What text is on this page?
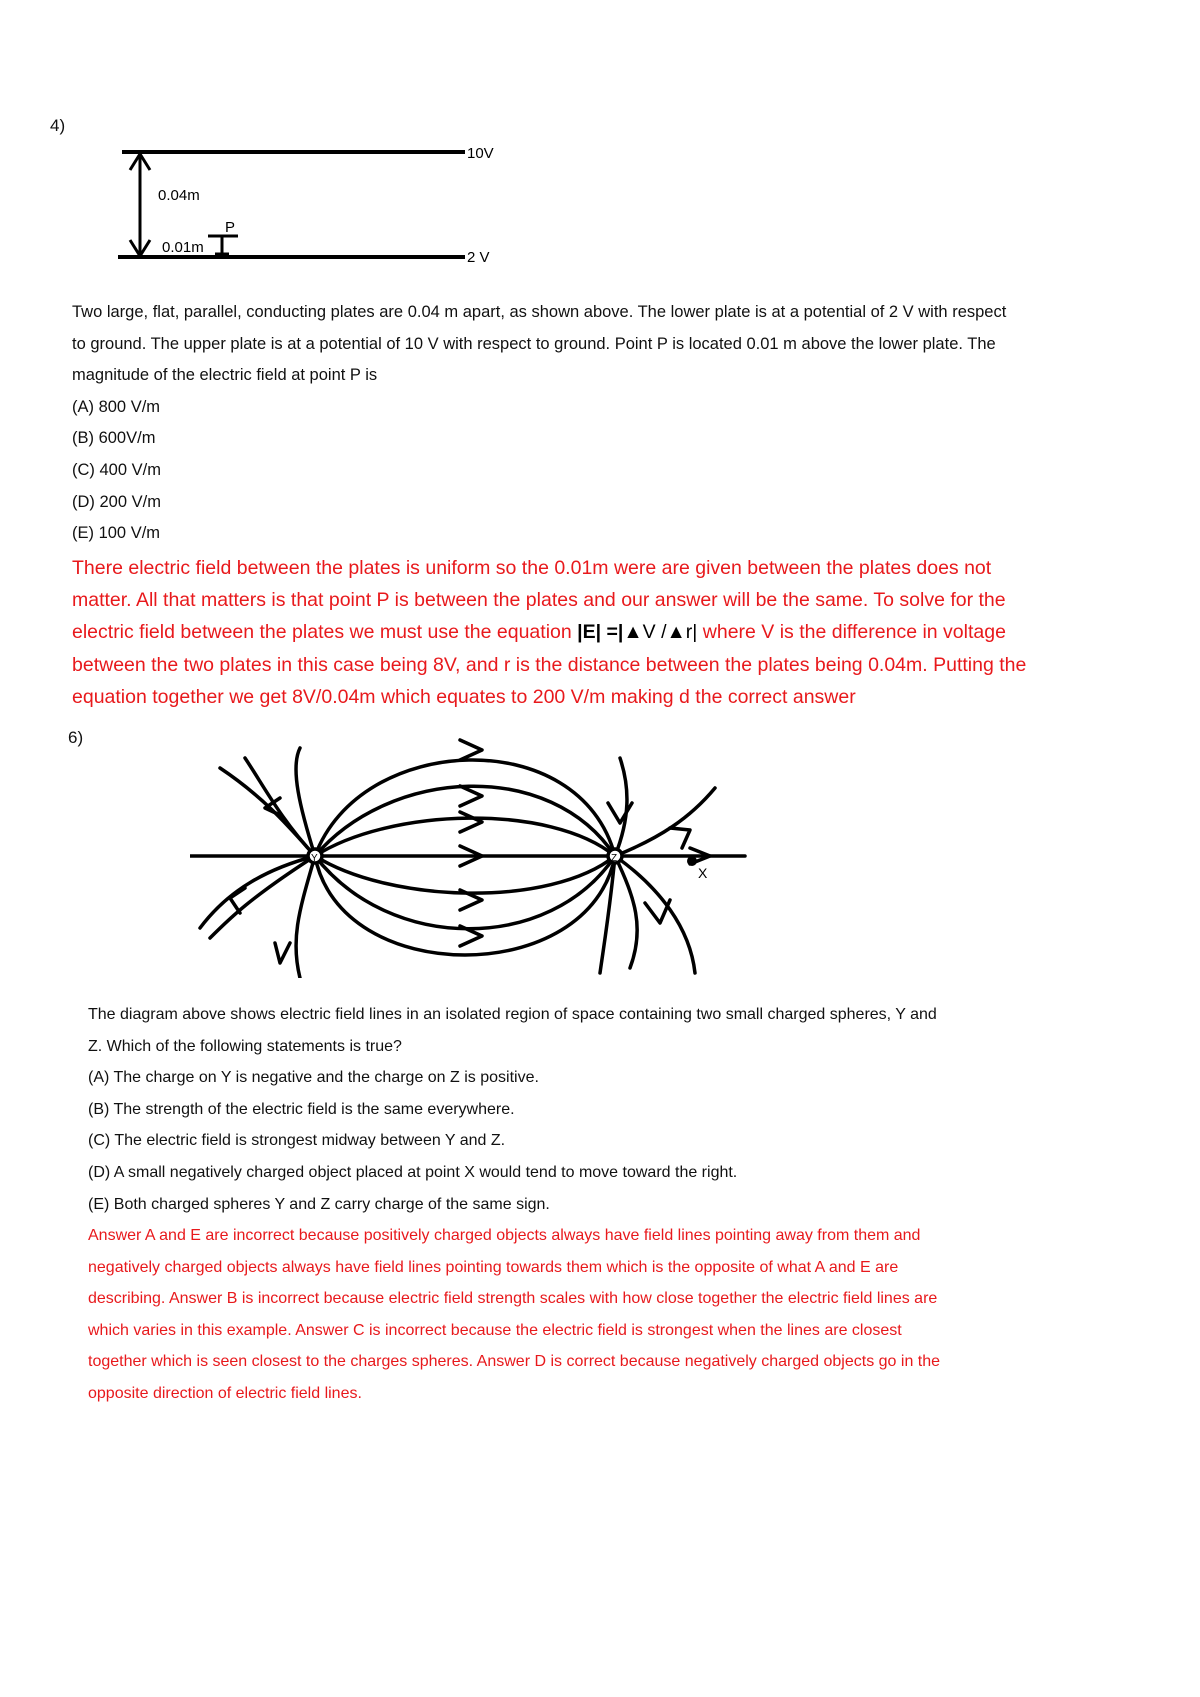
4)
0.04m
P
0.01m
10V
2 V

Two large, flat, parallel, conducting plates are 0.04 m apart, as shown above. The lower plate is at a potential of 2 V with respect

to ground. The upper plate is at a potential of 10 V with respect to ground. Point P is located 0.01 m above the lower plate. The

magnitude of the electric field at point P is

(A) 800 V/m

(B) 600V/m

(C) 400 V/m

(D) 200 V/m

(E) 100 V/m

There electric field between the plates is uniform so the 0.01m were are given between the plates does not

matter. All that matters is that point P is between the plates and our answer will be the same. To solve for the

electric field between the plates we must use the equation |E| =|▲V /▲r| where V is the difference in voltage

between the two plates in this case being 8V, and r is the distance between the plates being 0.04m. Putting the

equation together we get 8V/0.04m which equates to 200 V/m making d the correct answer

6)
Y	Z
X

The diagram above shows electric field lines in an isolated region of space containing two small charged spheres, Y and

Z. Which of the following statements is true?

(A) The charge on Y is negative and the charge on Z is positive.

(B) The strength of the electric field is the same everywhere.

(C) The electric field is strongest midway between Y and Z.

(D) A small negatively charged object placed at point X would tend to move toward the right.

(E) Both charged spheres Y and Z carry charge of the same sign.

Answer A and E are incorrect because positively charged objects always have field lines pointing away from them and

negatively charged objects always have field lines pointing towards them which is the opposite of what A and E are

describing. Answer B is incorrect because electric field strength scales with how close together the electric field lines are

which varies in this example. Answer C is incorrect because the electric field is strongest when the lines are closest

together which is seen closest to the charges spheres. Answer D is correct because negatively charged objects go in the

opposite direction of electric field lines.
